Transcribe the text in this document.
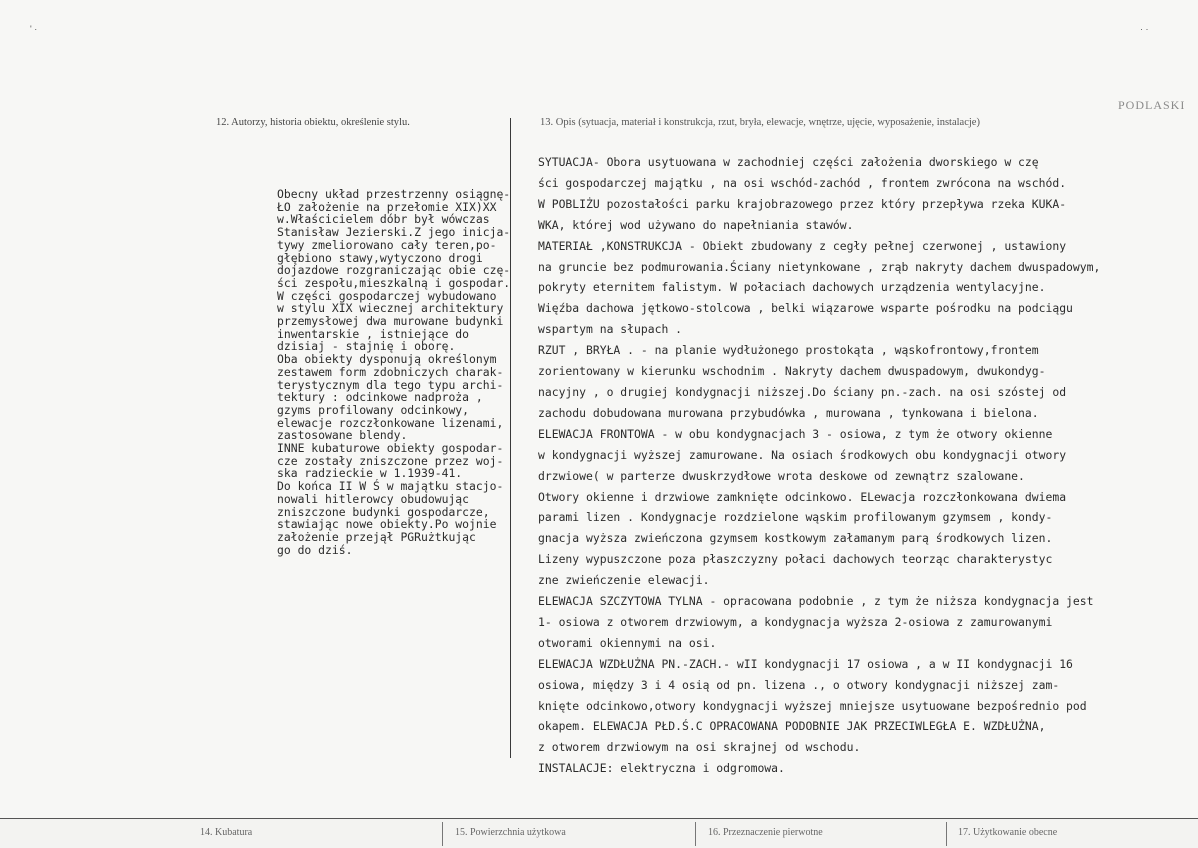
' ·	· ·
12. Autorzy, historia obiektu, określenie stylu.	13. Opis (sytuacja, materiał i konstrukcja, rzut, bryła, elewacje, wnętrze, ujęcie, wyposażenie, instalacje)
PODLASKI
Obecny układ przestrzenny osiągnę-
ŁO założenie na przełomie XIX)XX
w.Właścicielem dóbr był wówczas
Stanisław Jezierski.Z jego inicja-
tywy zmeliorowano cały teren,po-
głębiono stawy,wytyczono drogi
dojazdowe rozgraniczając obie czę-
ści zespołu,mieszkalną i gospodar.
W części gospodarczej wybudowano
w stylu XIX wiecznej architektury
przemysłowej dwa murowane budynki
inwentarskie , istniejące do
dzisiaj - stajnię i oborę.
Oba obiekty dysponują określonym
zestawem form zdobniczych charak-
terystycznym dla tego typu archi-
tektury : odcinkowe nadproża ,
gzyms profilowany odcinkowy,
elewacje rozczłonkowane lizenami,
zastosowane blendy.
INNE kubaturowe obiekty gospodar-
cze zostały zniszczone przez woj-
ska radzieckie w 1.1939-41.
Do końca II W Ś w majątku stacjo-
nowali hitlerowcy obudowując
zniszczone budynki gospodarcze,
stawiając nowe obiekty.Po wojnie
założenie przejął PGRużtkując
go do dziś.
SYTUACJA- Obora usytuowana w zachodniej części założenia dworskiego w czę
ści gospodarczej majątku , na osi wschód-zachód , frontem zwrócona na wschód.
W POBLIŻU pozostałości parku krajobrazowego przez który przepływa rzeka KUKA-
WKA, której wod używano do napełniania stawów.
MATERIAŁ ,KONSTRUKCJA - Obiekt zbudowany z cegły pełnej czerwonej , ustawiony
na gruncie bez podmurowania.Ściany nietynkowane , zrąb nakryty dachem dwuspadowym,
pokryty eternitem falistym. W połaciach dachowych urządzenia wentylacyjne.
Więźba dachowa jętkowo-stolcowa , belki wiązarowe wsparte pośrodku na podciągu
wspartym na słupach .
RZUT , BRYŁA . - na planie wydłużonego prostokąta , wąskofrontowy,frontem
zorientowany w kierunku wschodnim . Nakryty dachem dwuspadowym, dwukondyg-
nacyjny , o drugiej kondygnacji niższej.Do ściany pn.-zach. na osi szóstej od
zachodu dobudowana murowana przybudówka , murowana , tynkowana i bielona.
ELEWACJA FRONTOWA - w obu kondygnacjach 3 - osiowa, z tym że otwory okienne
w kondygnacji wyższej zamurowane. Na osiach środkowych obu kondygnacji otwory
drzwiowe( w parterze dwuskrzydłowe wrota deskowe od zewnątrz szalowane.
Otwory okienne i drzwiowe zamknięte odcinkowo. ELewacja rozczłonkowana dwiema
parami lizen . Kondygnacje rozdzielone wąskim profilowanym gzymsem , kondy-
gnacja wyższa zwieńczona gzymsem kostkowym załamanym parą środkowych lizen.
Lizeny wypuszczone poza płaszczyzny połaci dachowych teorząc charakterystyc
zne zwieńczenie elewacji.
ELEWACJA SZCZYTOWA TYLNA - opracowana podobnie , z tym że niższa kondygnacja jest
1- osiowa z otworem drzwiowym, a kondygnacja wyższa 2-osiowa z zamurowanymi
otworami okiennymi na osi.
ELEWACJA WZDŁUŻNA PN.-ZACH.- wII kondygnacji 17 osiowa , a w II kondygnacji 16
osiowa, między 3 i 4 osią od pn. lizena ., o otwory kondygnacji niższej zam-
knięte odcinkowo,otwory kondygnacji wyższej mniejsze usytuowane bezpośrednio pod
okapem. ELEWACJA PŁD.Ś.C OPRACOWANA PODOBNIE JAK PRZECIWLEGŁA E. WZDŁUŻNA,
z otworem drzwiowym na osi skrajnej od wschodu.
INSTALACJE: elektryczna i odgromowa.
14. Kubatura	15. Powierzchnia użytkowa	16. Przeznaczenie pierwotne	17. Użytkowanie obecne
